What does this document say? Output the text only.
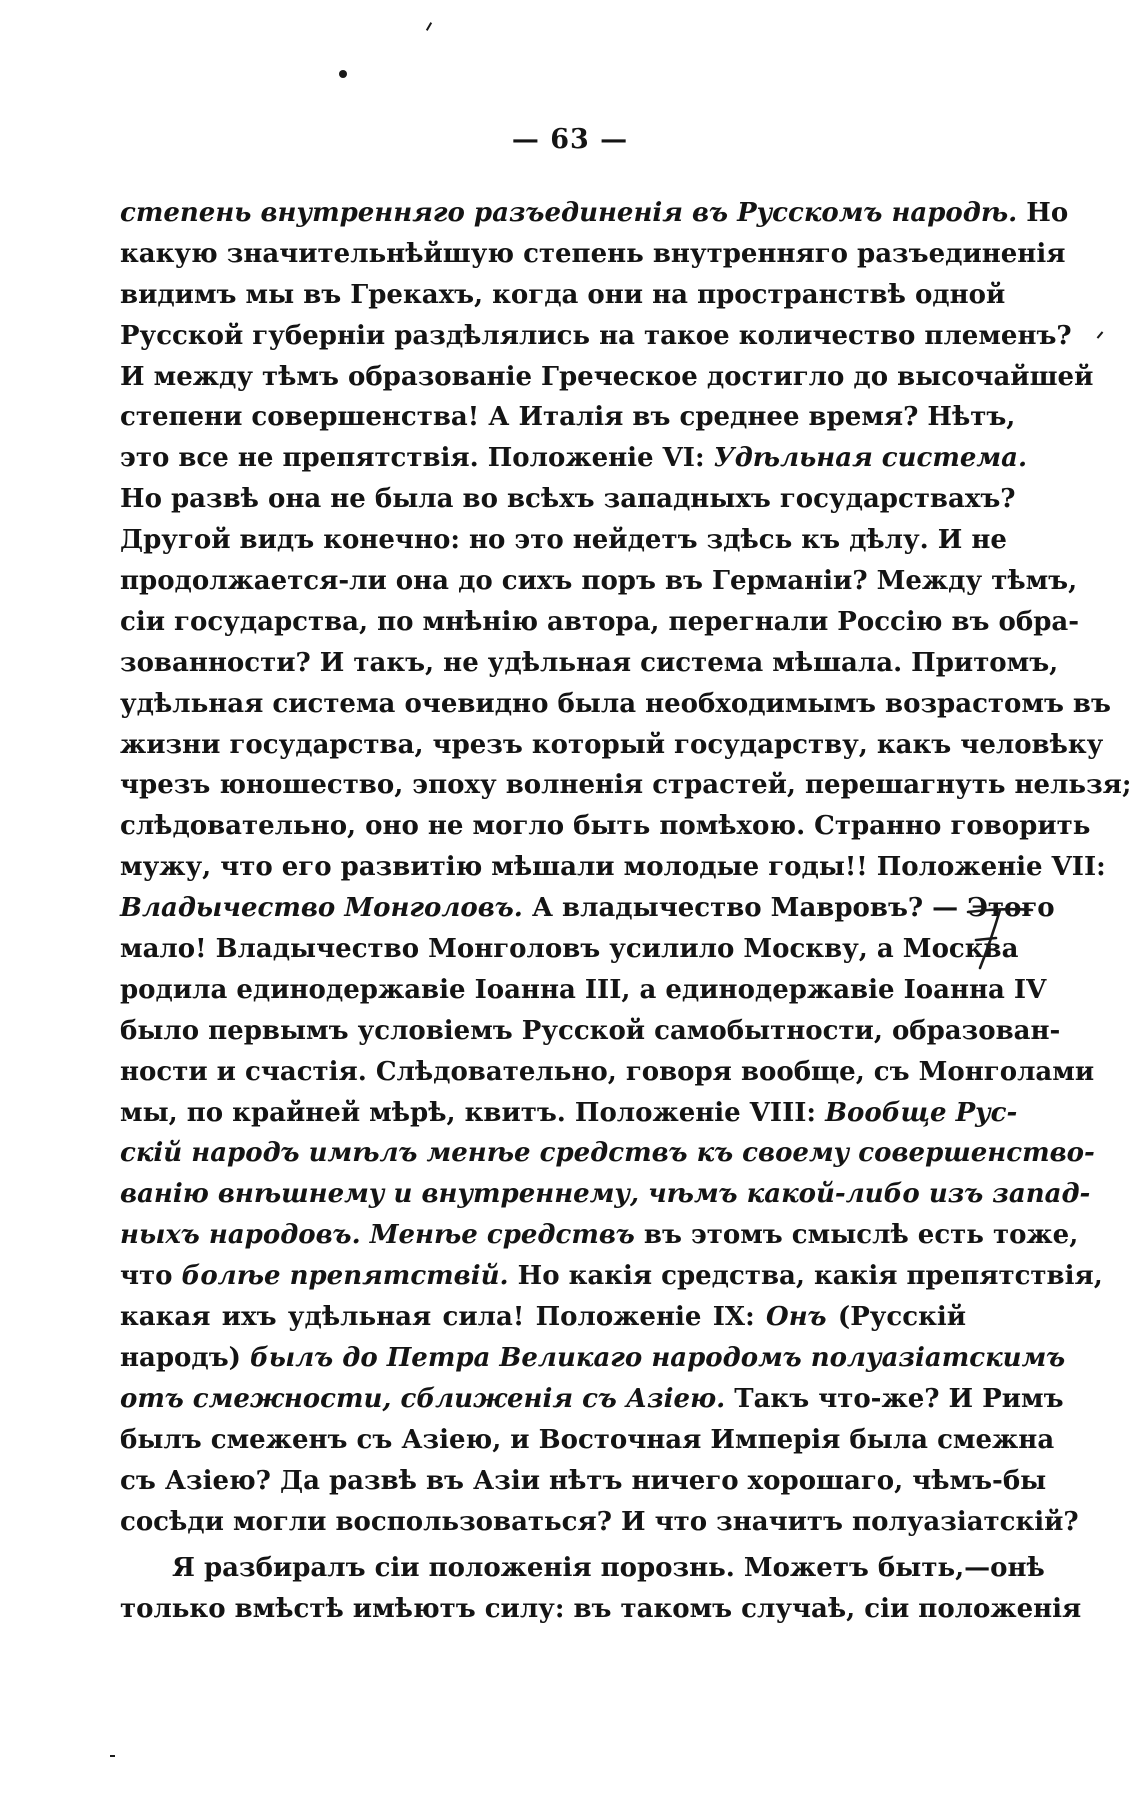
— 63 —
степень внутренняго разъединенія въ Русскомъ народѣ. Но
какую значительнѣйшую степень внутренняго разъединенія
видимъ мы въ Грекахъ, когда они на пространствѣ одной
Русской губерніи раздѣлялись на такое количество племенъ?
И между тѣмъ образованіе Греческое достигло до высочайшей
степени совершенства! А Италія въ среднее время? Нѣтъ,
это все не препятствія. Положеніе VI: Удѣльная система.
Но развѣ она не была во всѣхъ западныхъ государствахъ?
Другой видъ конечно: но это нейдетъ здѣсь къ дѣлу. И не
продолжается-ли она до сихъ поръ въ Германіи? Между тѣмъ,
сіи государства, по мнѣнію автора, перегнали Россію въ обра-
зованности? И такъ, не удѣльная система мѣшала. Притомъ,
удѣльная система очевидно была необходимымъ возрастомъ въ
жизни государства, чрезъ который государству, какъ человѣку
чрезъ юношество, эпоху волненія страстей, перешагнуть нельзя;
слѣдовательно, оно не могло быть помѣхою. Странно говорить
мужу, что его развитію мѣшали молодые годы!! Положеніе VII:
Владычество Монголовъ. А владычество Мавровъ? — Этого
мало! Владычество Монголовъ усилило Москву, а Москва
родила единодержавіе Іоанна III, а единодержавіе Іоанна IV
было первымъ условіемъ Русской самобытности, образован-
ности и счастія. Слѣдовательно, говоря вообще, съ Монголами
мы, по крайней мѣрѣ, квитъ. Положеніе VIII: Вообще Рус-
скій народъ имѣлъ менѣе средствъ къ своему совершенство-
ванію внѣшнему и внутреннему, чѣмъ какой-либо изъ запад-
ныхъ народовъ. Менѣе средствъ въ этомъ смыслѣ есть тоже,
что болѣе препятствій. Но какія средства, какія препятствія,
какая ихъ удѣльная сила! Положеніе IX: Онъ (Русскій
народъ) былъ до Петра Великаго народомъ полуазіатскимъ
отъ смежности, сближенія съ Азіею. Такъ что-же? И Римъ
былъ смеженъ съ Азіею, и Восточная Имперія была смежна
съ Азіею? Да развѣ въ Азіи нѣтъ ничего хорошаго, чѣмъ-бы
сосѣди могли воспользоваться? И что значитъ полуазіатскій?
Я разбиралъ сіи положенія порознь. Можетъ быть,—онѣ
только вмѣстѣ имѣютъ силу: въ такомъ случаѣ, сіи положенія
